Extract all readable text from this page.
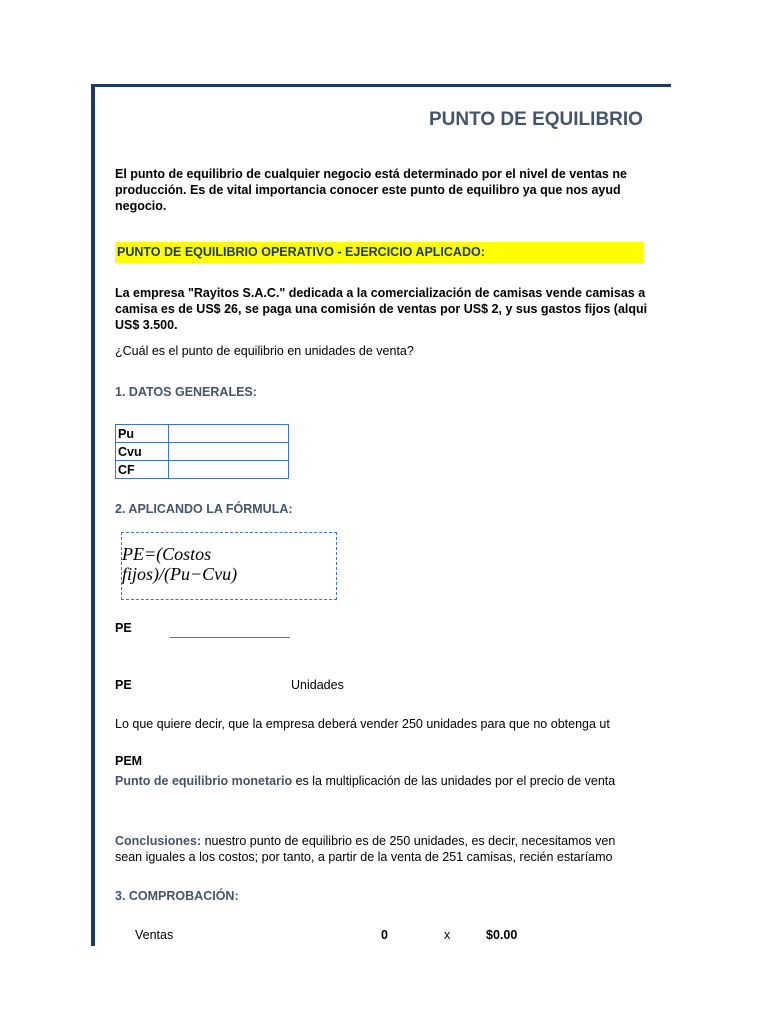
PUNTO DE EQUILIBRIO
El punto de equilibrio de cualquier negocio está determinado por el nivel de ventas ne
producción. Es de vital importancia conocer este punto de equilibro ya que nos ayud
negocio.
PUNTO DE EQUILIBRIO OPERATIVO - EJERCICIO APLICADO:
La empresa "Rayitos S.A.C." dedicada a la comercialización de camisas vende camisas a
camisa es de US$ 26, se paga una comisión de ventas por US$ 2, y sus gastos fijos (alqui
US$ 3.500.
¿Cuál es el punto de equilibrio en unidades de venta?
1. DATOS GENERALES:
Pu	
Cvu	
CF	
2. APLICANDO LA FÓRMULA:
PE=(Costos
fijos)/(Pu−Cvu)
PE
PE	Unidades
Lo que quiere decir, que la empresa deberá vender 250 unidades para que no obtenga ut
PEM
Punto de equilibrio monetario es la multiplicación de las unidades por el precio de venta
Conclusiones: nuestro punto de equilibrio es de 250 unidades, es decir, necesitamos ven
sean iguales a los costos; por tanto, a partir de la venta de 251 camisas, recién estaríamo
3. COMPROBACIÓN:
Ventas	0	x	$0.00
